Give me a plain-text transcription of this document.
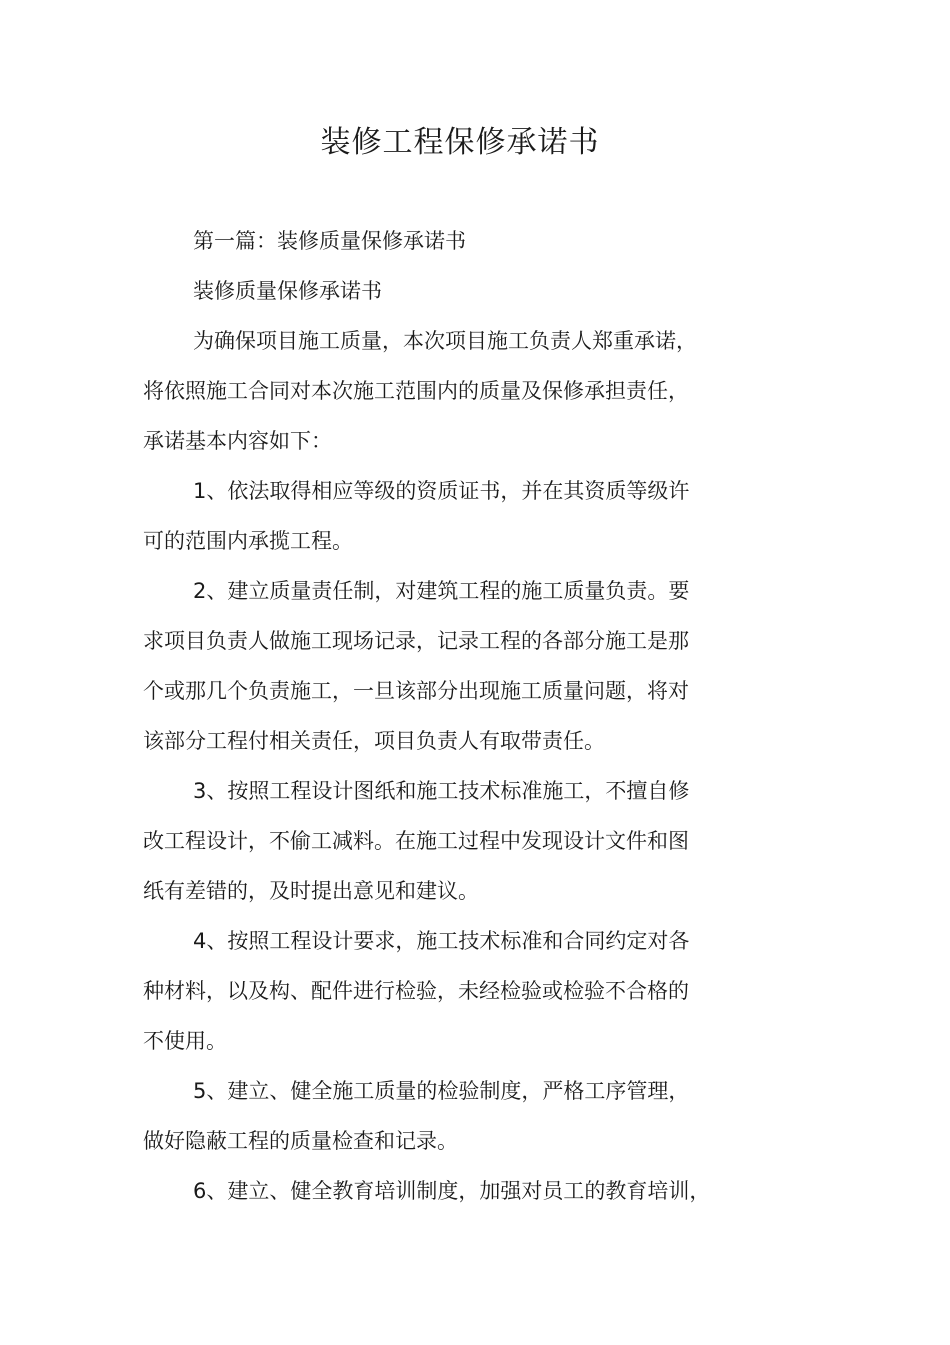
装修工程保修承诺书
第一篇：装修质量保修承诺书
装修质量保修承诺书
为确保项目施工质量，本次项目施工负责人郑重承诺，
将依照施工合同对本次施工范围内的质量及保修承担责任，
承诺基本内容如下：
1、依法取得相应等级的资质证书，并在其资质等级许
可的范围内承揽工程。
2、建立质量责任制，对建筑工程的施工质量负责。要
求项目负责人做施工现场记录，记录工程的各部分施工是那
个或那几个负责施工，一旦该部分出现施工质量问题，将对
该部分工程付相关责任，项目负责人有取带责任。
3、按照工程设计图纸和施工技术标准施工，不擅自修
改工程设计，不偷工减料。在施工过程中发现设计文件和图
纸有差错的，及时提出意见和建议。
4、按照工程设计要求，施工技术标准和合同约定对各
种材料，以及构、配件进行检验，未经检验或检验不合格的
不使用。
5、建立、健全施工质量的检验制度，严格工序管理，
做好隐蔽工程的质量检查和记录。
6、建立、健全教育培训制度，加强对员工的教育培训，
